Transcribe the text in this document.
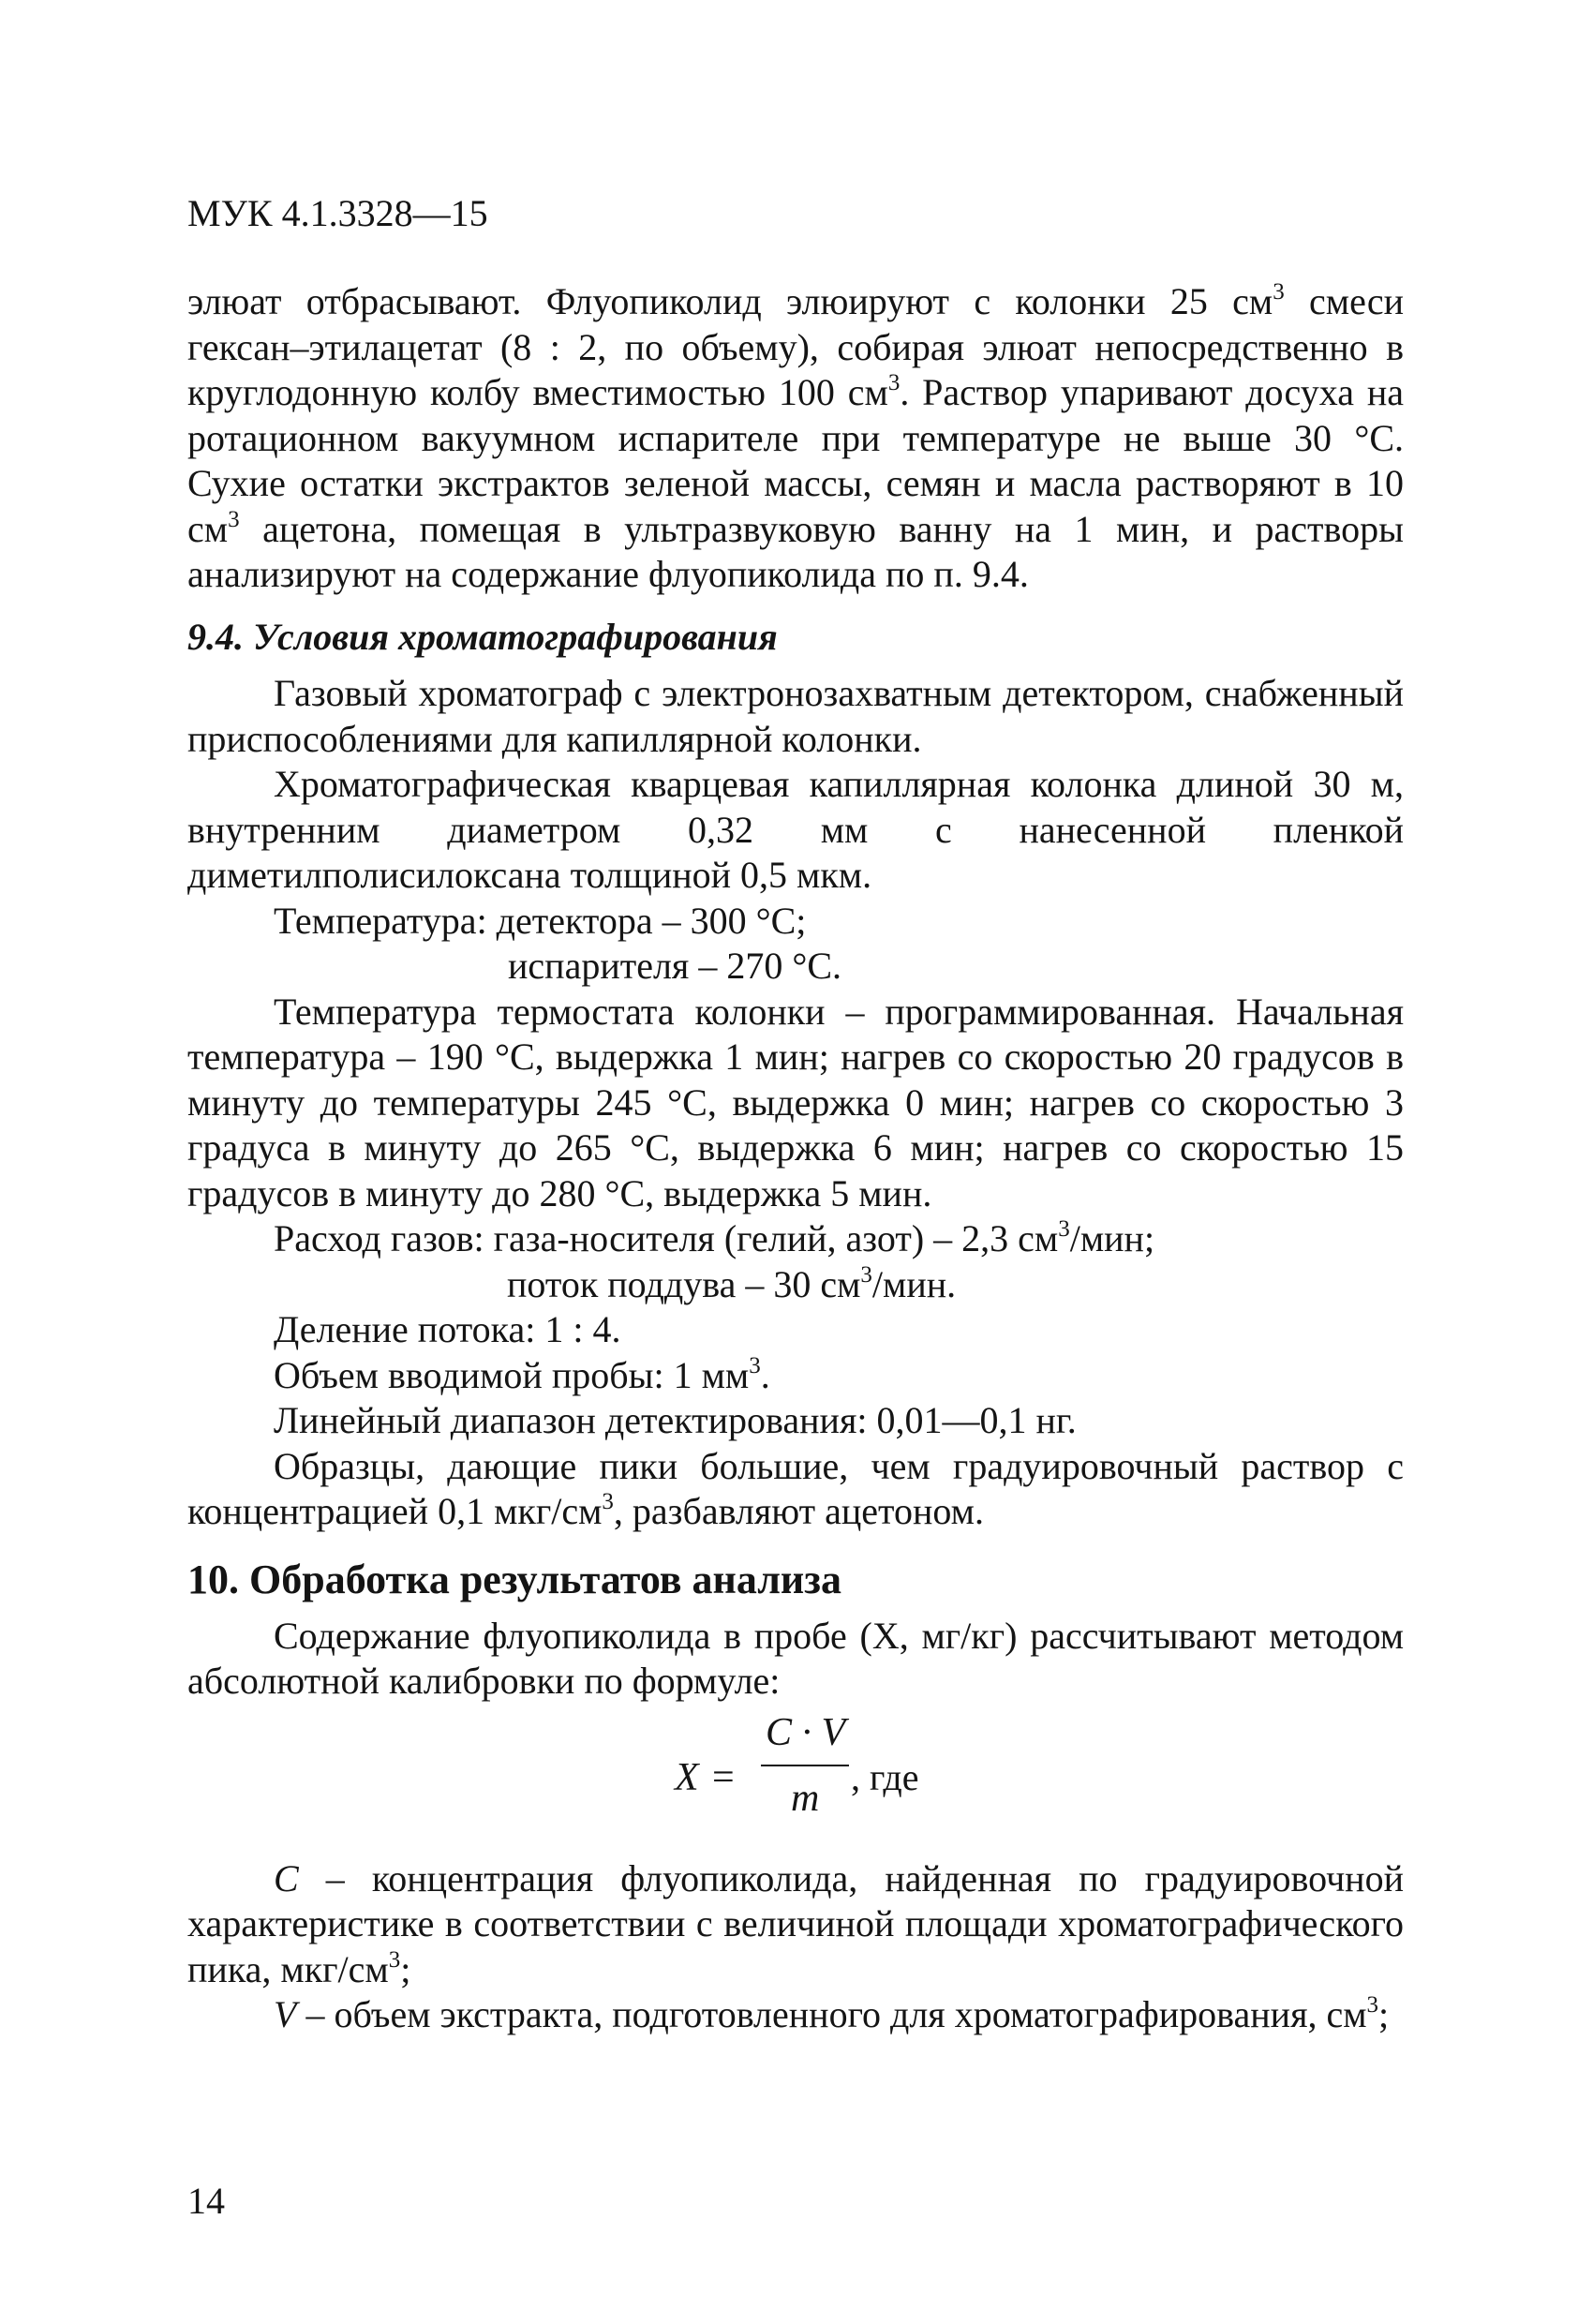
МУК 4.1.3328—15

элюат отбрасывают. Флуопиколид элюируют с колонки 25 $см^3$ смеси гексан–этилацетат (8 : 2, по объему), собирая элюат непосредственно в круглодонную колбу вместимостью 100 $см^3$. Раствор упаривают досуха на ротационном вакуумном испарителе при температуре не выше 30 °С. Сухие остатки экстрактов зеленой массы, семян и масла растворяют в 10 $см^3$ ацетона, помещая в ультразвуковую ванну на 1 мин, и растворы анализируют на содержание флуопиколида по п. 9.4.

9.4. Условия хроматографирования

Газовый хроматограф с электронозахватным детектором, снабженный приспособлениями для капиллярной колонки.

Хроматографическая кварцевая капиллярная колонка длиной 30 м, внутренним диаметром 0,32 мм с нанесенной пленкой диметилполисилоксана толщиной 0,5 мкм.

Температура: детектора – 300 °С;

испарителя – 270 °С.

Температура термостата колонки – программированная. Начальная температура – 190 °С, выдержка 1 мин; нагрев со скоростью 20 градусов в минуту до температуры 245 °С, выдержка 0 мин; нагрев со скоростью 3 градуса в минуту до 265 °С, выдержка 6 мин; нагрев со скоростью 15 градусов в минуту до 280 °С, выдержка 5 мин.

Расход газов: газа-носителя (гелий, азот) – 2,3 $см^3$/мин;

поток поддува – 30 $см^3$/мин.

Деление потока: 1 : 4.

Объем вводимой пробы: 1 $мм^3$.

Линейный диапазон детектирования: 0,01—0,1 нг.

Образцы, дающие пики большие, чем градуировочный раствор с концентрацией 0,1 мкг/$см^3$, разбавляют ацетоном.

10. Обработка результатов анализа

Содержание флуопиколида в пробе (X, мг/кг) рассчитывают методом абсолютной калибровки по формуле:

X =
C · V
m , где

С – концентрация флуопиколида, найденная по градуировочной характеристике в соответствии с величиной площади хроматографического пика, мкг/$см^3$;

V – объем экстракта, подготовленного для хроматографирования, $см^3$;

14
